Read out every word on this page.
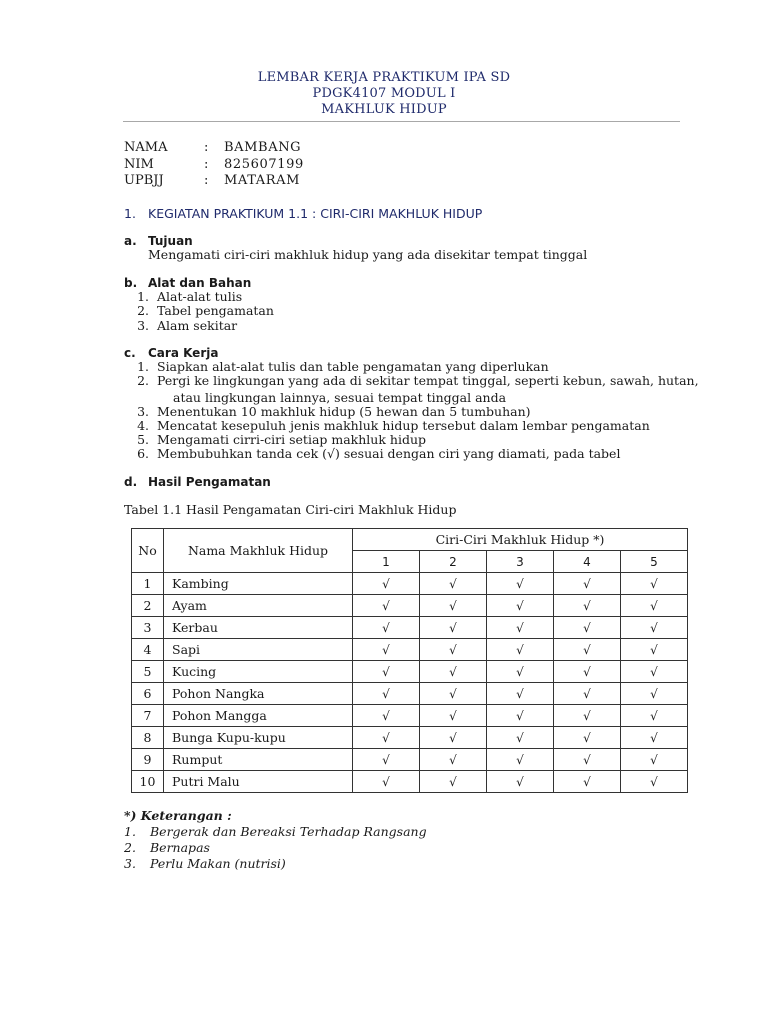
LEMBAR KERJA PRAKTIKUM IPA SD
PDGK4107 MODUL I
MAKHLUK HIDUP
NAMA	:	BAMBANG
NIM	:	825607199
UPBJJ	:	MATARAM
1. KEGIATAN PRAKTIKUM 1.1 : CIRI-CIRI MAKHLUK HIDUP
a. Tujuan
Mengamati ciri-ciri makhluk hidup yang ada disekitar tempat tinggal
b. Alat dan Bahan
1. Alat-alat tulis
2. Tabel pengamatan
3. Alam sekitar
c. Cara Kerja
1. Siapkan alat-alat tulis dan table pengamatan yang diperlukan
2. Pergi ke lingkungan yang ada di sekitar tempat tinggal, seperti kebun, sawah, hutan,
atau lingkungan lainnya, sesuai tempat tinggal anda
3. Menentukan 10 makhluk hidup (5 hewan dan 5 tumbuhan)
4. Mencatat kesepuluh jenis makhluk hidup tersebut dalam lembar pengamatan
5. Mengamati cirri-ciri setiap makhluk hidup
6. Membubuhkan tanda cek (√) sesuai dengan ciri yang diamati, pada tabel
d. Hasil Pengamatan
Tabel 1.1 Hasil Pengamatan Ciri-ciri Makhluk Hidup
No	Nama Makhluk Hidup	Ciri-Ciri Makhluk Hidup *)				
		1	2	3	4	5
1	Kambing	√	√	√	√	√
2	Ayam	√	√	√	√	√
3	Kerbau	√	√	√	√	√
4	Sapi	√	√	√	√	√
5	Kucing	√	√	√	√	√
6	Pohon Nangka	√	√	√	√	√
7	Pohon Mangga	√	√	√	√	√
8	Bunga Kupu-kupu	√	√	√	√	√
9	Rumput	√	√	√	√	√
10	Putri Malu	√	√	√	√	√
*) Keterangan :
1.	Bergerak dan Bereaksi Terhadap Rangsang
2.	Bernapas
3.	Perlu Makan (nutrisi)
